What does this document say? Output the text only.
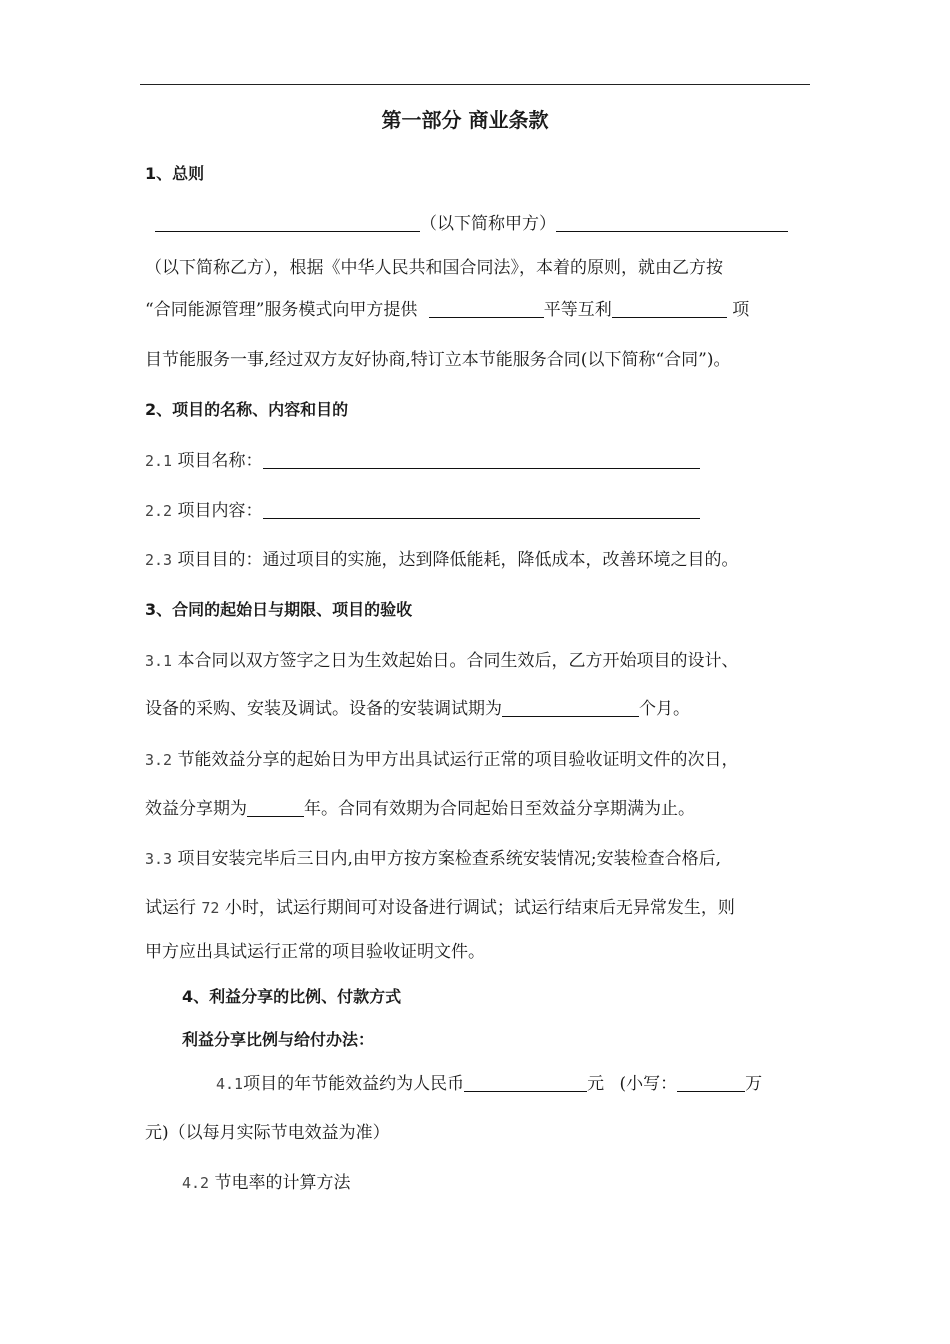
第一部分 商业条款
1、总则
（以下简称甲方）
（以下简称乙方），根据《中华人民共和国合同法》，本着的原则，就由乙方按
“合同能源管理”服务模式向甲方提供	平等互利	项
目节能服务一事,经过双方友好协商,特订立本节能服务合同(以下简称“合同”)。
2、项目的名称、内容和目的
2.1 项目名称：
2.2 项目内容：
2.3 项目目的：通过项目的实施，达到降低能耗，降低成本，改善环境之目的。
3、合同的起始日与期限、项目的验收
3.1 本合同以双方签字之日为生效起始日。合同生效后，乙方开始项目的设计、
设备的采购、安装及调试。设备的安装调试期为	个月。
3.2 节能效益分享的起始日为甲方出具试运行正常的项目验收证明文件的次日，
效益分享期为	年。合同有效期为合同起始日至效益分享期满为止。
3.3 项目安装完毕后三日内,由甲方按方案检查系统安装情况;安装检查合格后,
试运行 72 小时，试运行期间可对设备进行调试；试运行结束后无异常发生，则
甲方应出具试运行正常的项目验收证明文件。
4、利益分享的比例、付款方式
利益分享比例与给付办法：
4.1项目的年节能效益约为人民币	元 (小写：	万
元)（以每月实际节电效益为准）
4.2 节电率的计算方法
